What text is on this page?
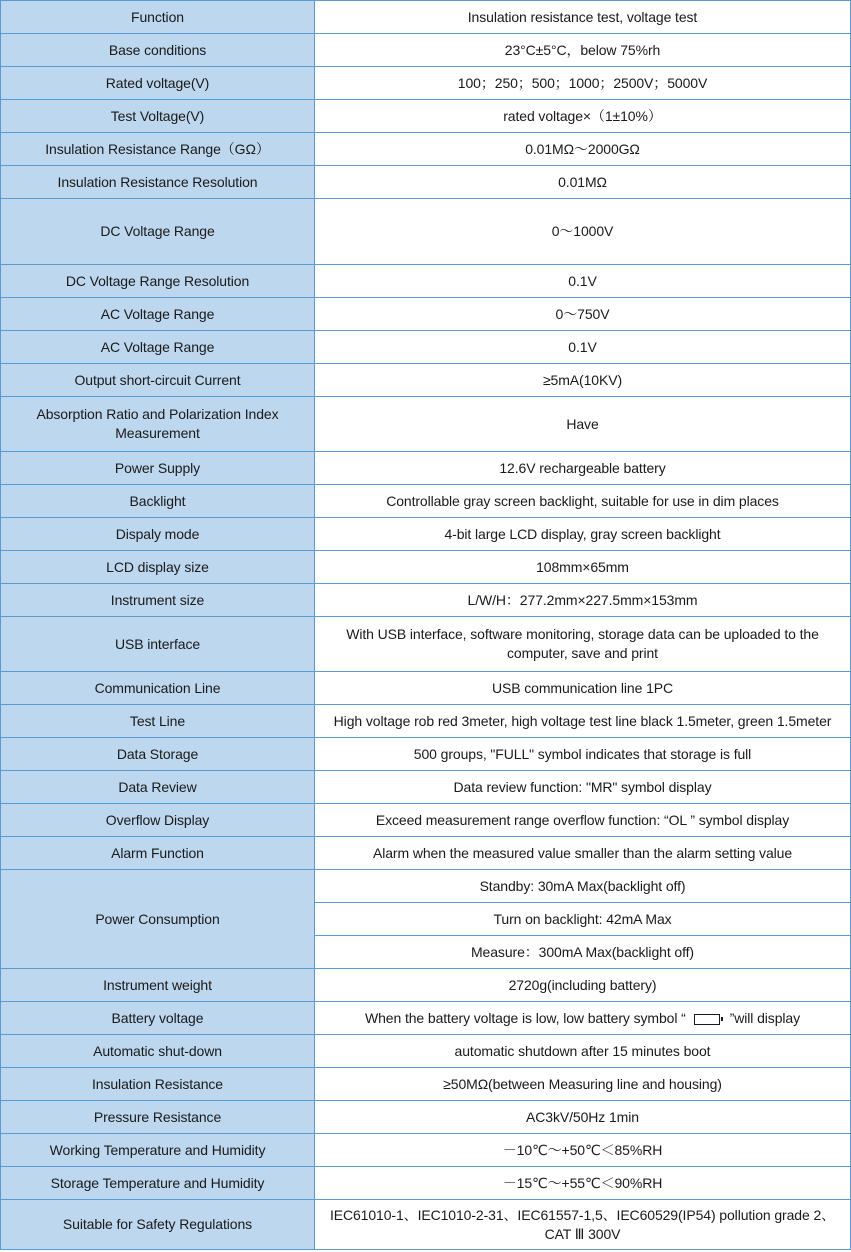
Function	Insulation resistance test, voltage test
Base conditions	23°C±5°C，below 75%rh
Rated voltage(V)	100；250；500；1000；2500V；5000V
Test Voltage(V)	rated voltage×（1±10%）
Insulation Resistance Range（GΩ）	0.01MΩ～2000GΩ
Insulation Resistance Resolution	0.01MΩ
DC Voltage Range	0～1000V
DC Voltage Range Resolution	0.1V
AC Voltage Range	0～750V
AC Voltage Range	0.1V
Output short-circuit Current	≥5mA(10KV)
Absorption Ratio and Polarization Index Measurement	Have
Power Supply	12.6V rechargeable battery
Backlight	Controllable gray screen backlight, suitable for use in dim places
Dispaly mode	4-bit large LCD display, gray screen backlight
LCD display size	108mm×65mm
Instrument size	L/W/H：277.2mm×227.5mm×153mm
USB interface	With USB interface, software monitoring, storage data can be uploaded to the computer, save and print
Communication Line	USB communication line 1PC
Test Line	High voltage rob red 3meter, high voltage test line black 1.5meter, green 1.5meter
Data Storage	500 groups, "FULL" symbol indicates that storage is full
Data Review	Data review function: "MR" symbol display
Overflow Display	Exceed measurement range overflow function: “OL ” symbol display
Alarm Function	Alarm when the measured value smaller than the alarm setting value
Power Consumption	Standby: 30mA Max(backlight off)
	Turn on backlight: 42mA Max
	Measure：300mA Max(backlight off)
Instrument weight	2720g(including battery)
Battery voltage	When the battery voltage is low, low battery symbol “ ”will display
Automatic shut-down	automatic shutdown after 15 minutes boot
Insulation Resistance	≥50MΩ(between Measuring line and housing)
Pressure Resistance	AC3kV/50Hz 1min
Working Temperature and Humidity	－10℃～+50℃＜85%RH
Storage Temperature and Humidity	－15℃～+55℃＜90%RH
Suitable for Safety Regulations	IEC61010-1、IEC1010-2-31、IEC61557-1,5、IEC60529(IP54) pollution grade 2、CAT Ⅲ 300V
